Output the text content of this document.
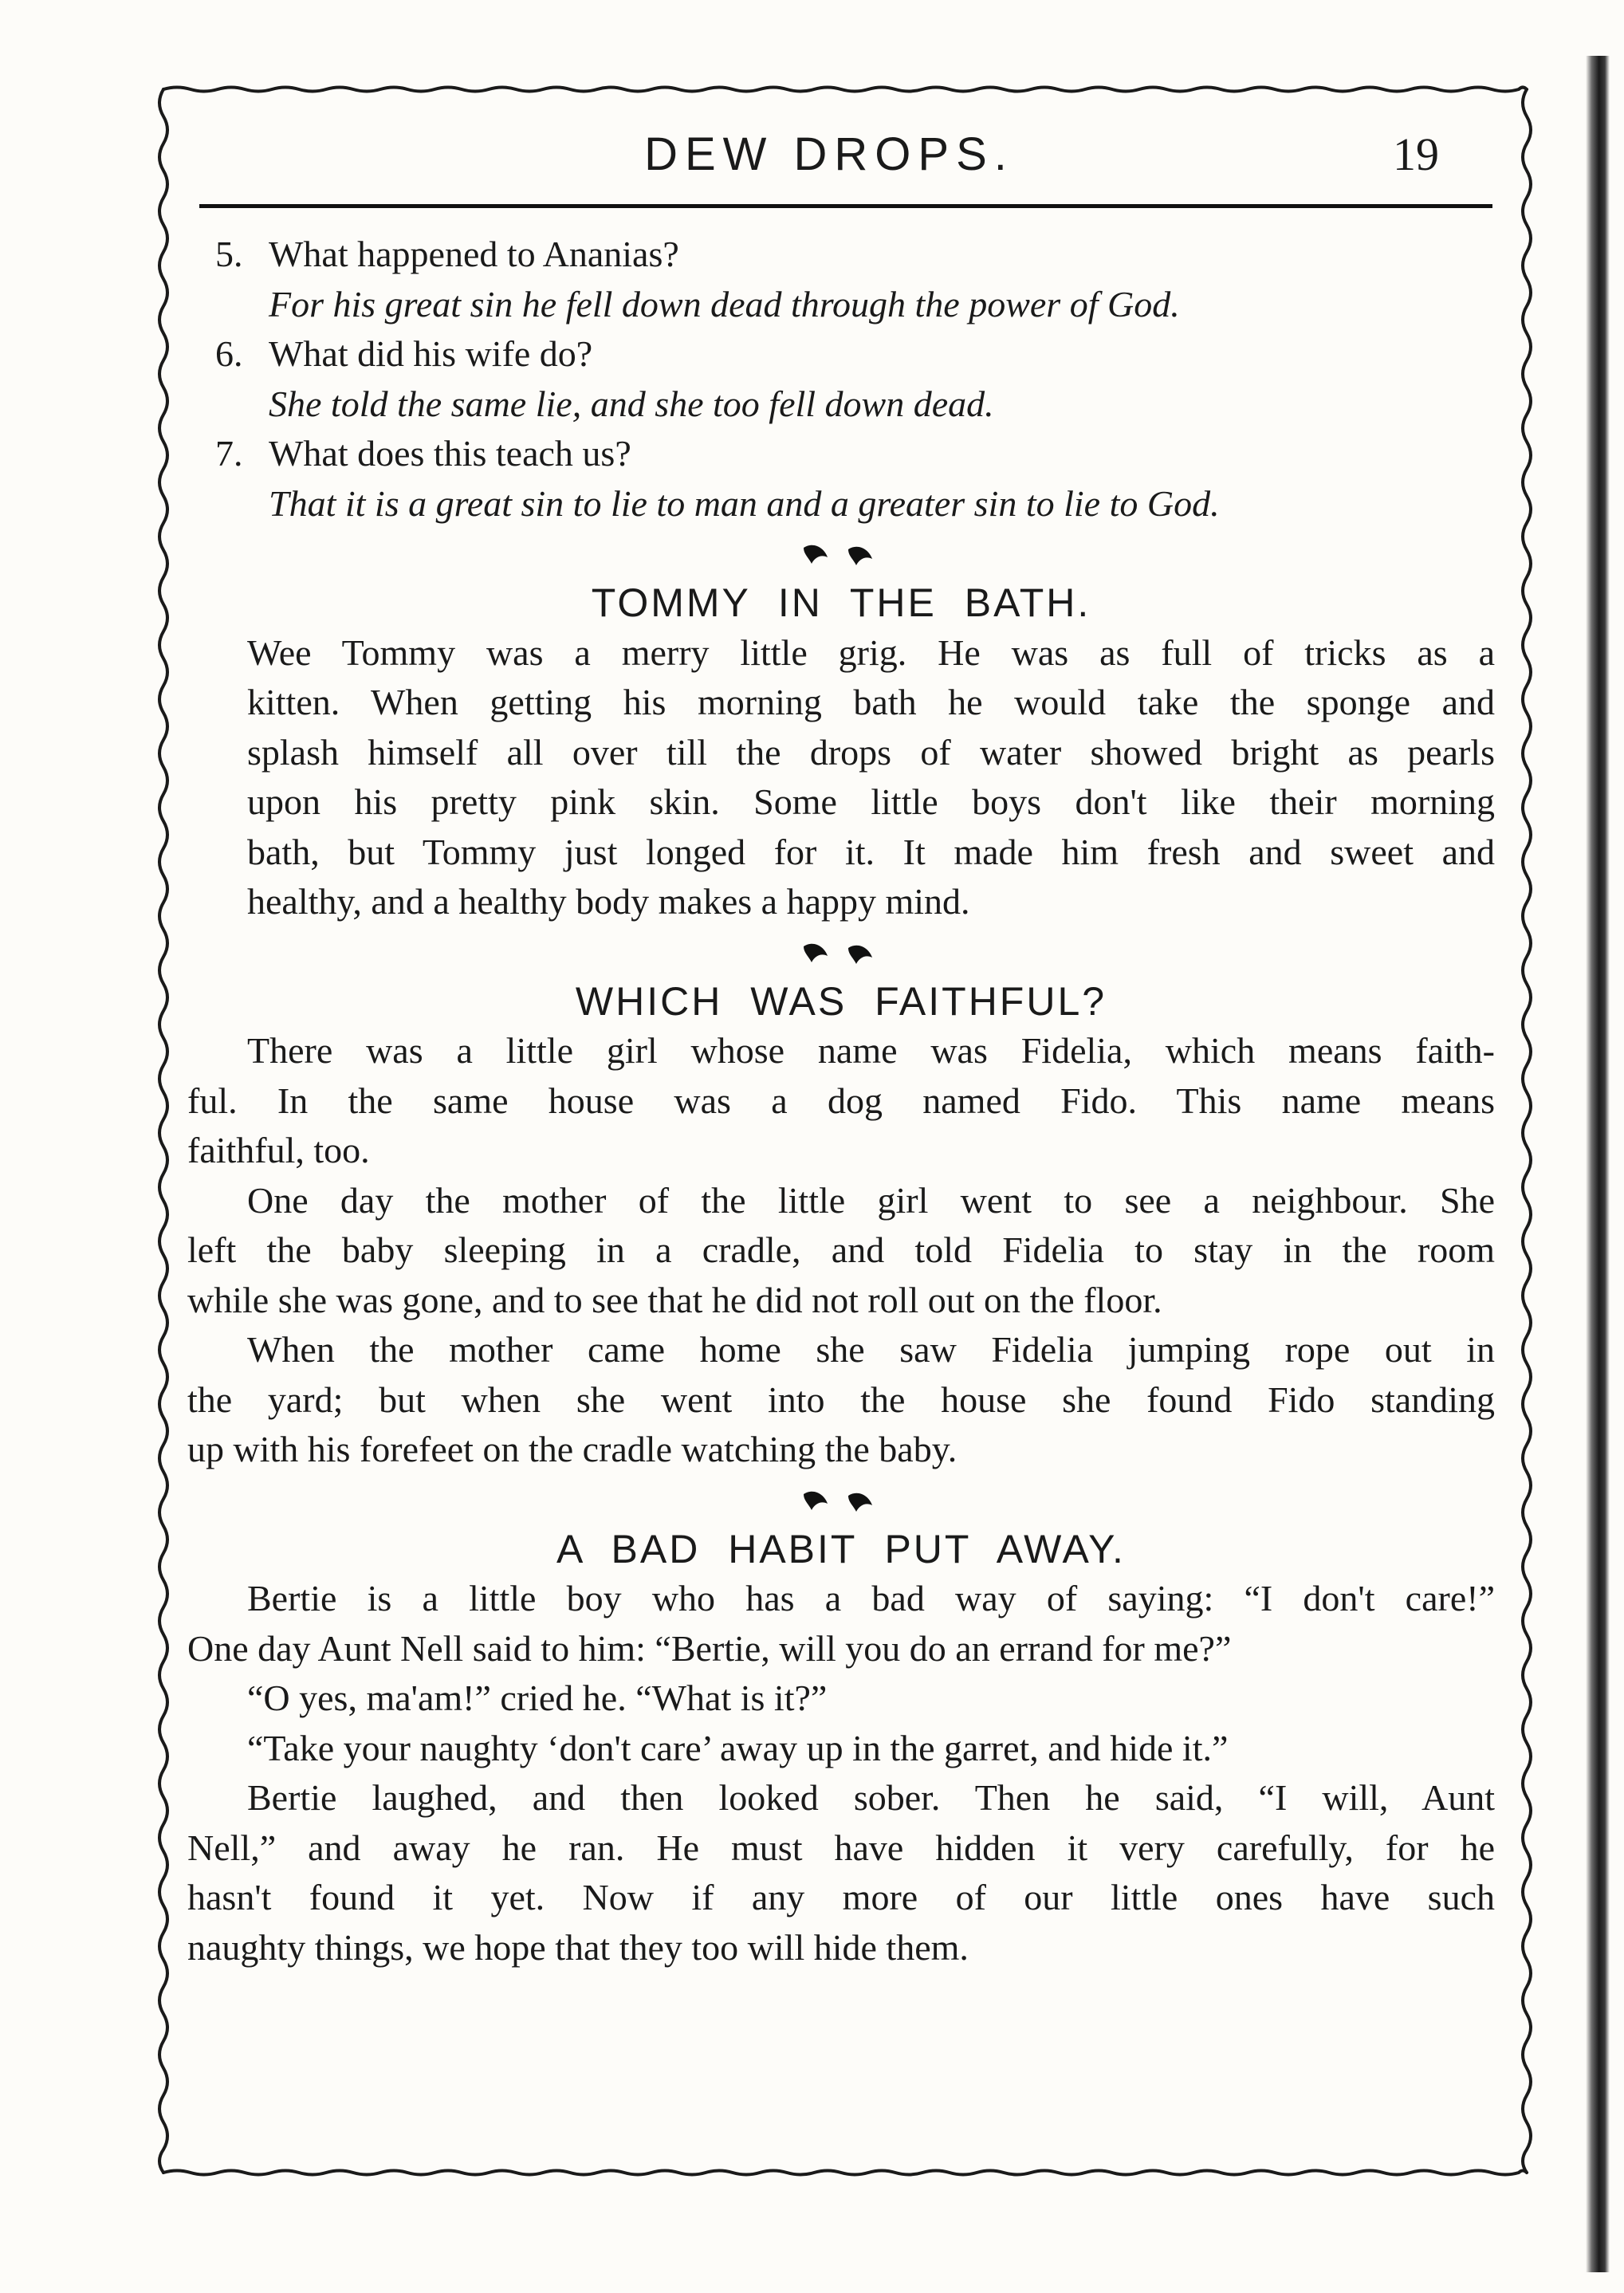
DEW DROPS.	19
5. What happened to Ananias?
For his great sin he fell down dead through the power of God.
6. What did his wife do?
She told the same lie, and she too fell down dead.
7. What does this teach us?
That it is a great sin to lie to man and a greater sin to lie to God.
TOMMY IN THE BATH.

Wee Tommy was a merry little grig. He was as full of tricks as a
kitten. When getting his morning bath he would take the sponge and
splash himself all over till the drops of water showed bright as pearls
upon his pretty pink skin. Some little boys don't like their morning
bath, but Tommy just longed for it. It made him fresh and sweet and
healthy, and a healthy body makes a happy mind.

WHICH WAS FAITHFUL?

There was a little girl whose name was Fidelia, which means faith-
ful. In the same house was a dog named Fido. This name means
faithful, too.

One day the mother of the little girl went to see a neighbour. She
left the baby sleeping in a cradle, and told Fidelia to stay in the room
while she was gone, and to see that he did not roll out on the floor.

When the mother came home she saw Fidelia jumping rope out in
the yard; but when she went into the house she found Fido standing
up with his forefeet on the cradle watching the baby.

A BAD HABIT PUT AWAY.

Bertie is a little boy who has a bad way of saying: “I don't care!”
One day Aunt Nell said to him: “Bertie, will you do an errand for me?”

“O yes, ma'am!” cried he. “What is it?”

“Take your naughty ‘don't care’ away up in the garret, and hide it.”

Bertie laughed, and then looked sober. Then he said, “I will, Aunt
Nell,” and away he ran. He must have hidden it very carefully, for he
hasn't found it yet. Now if any more of our little ones have such
naughty things, we hope that they too will hide them.
